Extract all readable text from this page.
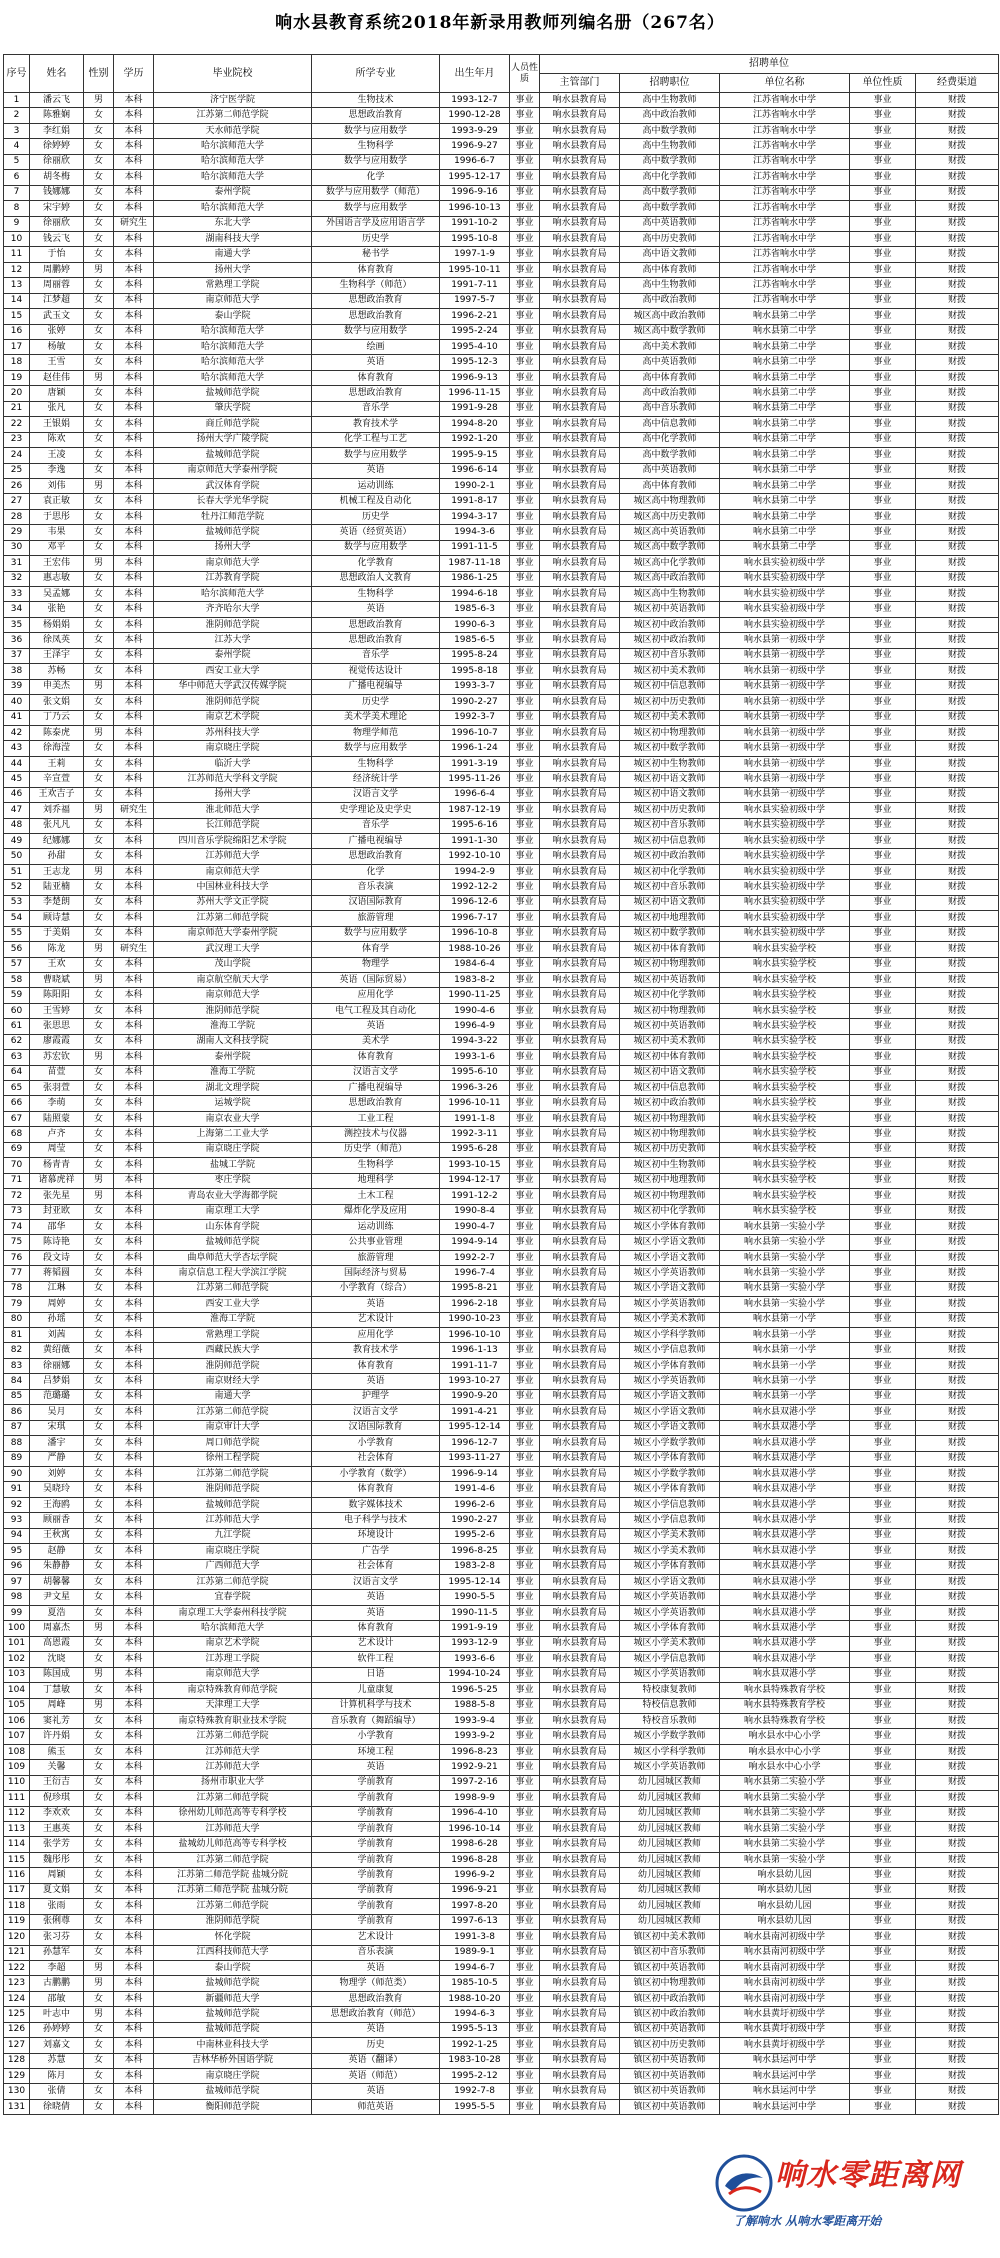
响水县教育系统2018年新录用教师列编名册（267名）
序号	姓名	性别	学历	毕业院校	所学专业	出生年月	人员性质	招聘单位				
								主管部门	招聘职位	单位名称	单位性质	经费渠道
1	潘云飞	男	本科	济宁医学院	生物技术	1993-12-7	事业	响水县教育局	高中生物教师	江苏省响水中学	事业	财拨
2	陈雅娴	女	本科	江苏第二师范学院	思想政治教育	1990-12-28	事业	响水县教育局	高中政治教师	江苏省响水中学	事业	财拨
3	李红娟	女	本科	天水师范学院	数学与应用数学	1993-9-29	事业	响水县教育局	高中数学教师	江苏省响水中学	事业	财拨
4	徐婷婷	女	本科	哈尔滨师范大学	生物科学	1996-9-27	事业	响水县教育局	高中生物教师	江苏省响水中学	事业	财拨
5	徐丽欣	女	本科	哈尔滨师范大学	数学与应用数学	1996-6-7	事业	响水县教育局	高中数学教师	江苏省响水中学	事业	财拨
6	胡冬梅	女	本科	哈尔滨师范大学	化学	1995-12-17	事业	响水县教育局	高中化学教师	江苏省响水中学	事业	财拨
7	钱娜娜	女	本科	泰州学院	数学与应用数学（师范）	1996-9-16	事业	响水县教育局	高中数学教师	江苏省响水中学	事业	财拨
8	宋宇婷	女	本科	哈尔滨师范大学	数学与应用数学	1996-10-13	事业	响水县教育局	高中数学教师	江苏省响水中学	事业	财拨
9	徐丽欣	女	研究生	东北大学	外国语言学及应用语言学	1991-10-2	事业	响水县教育局	高中英语教师	江苏省响水中学	事业	财拨
10	钱云飞	女	本科	湖南科技大学	历史学	1995-10-8	事业	响水县教育局	高中历史教师	江苏省响水中学	事业	财拨
11	于怡	女	本科	南通大学	秘书学	1997-1-9	事业	响水县教育局	高中语文教师	江苏省响水中学	事业	财拨
12	周鹏婷	男	本科	扬州大学	体育教育	1995-10-11	事业	响水县教育局	高中体育教师	江苏省响水中学	事业	财拨
13	周丽蓉	女	本科	常熟理工学院	生物科学（师范）	1991-7-11	事业	响水县教育局	高中生物教师	江苏省响水中学	事业	财拨
14	江梦超	女	本科	南京师范大学	思想政治教育	1997-5-7	事业	响水县教育局	高中政治教师	江苏省响水中学	事业	财拨
15	武玉文	女	本科	泰山学院	思想政治教育	1996-2-21	事业	响水县教育局	城区高中政治教师	响水县第二中学	事业	财拨
16	张婷	女	本科	哈尔滨师范大学	数学与应用数学	1995-2-24	事业	响水县教育局	城区高中数学教师	响水县第二中学	事业	财拨
17	杨敏	女	本科	哈尔滨师范大学	绘画	1995-4-10	事业	响水县教育局	高中美术教师	响水县第二中学	事业	财拨
18	王雪	女	本科	哈尔滨师范大学	英语	1995-12-3	事业	响水县教育局	高中英语教师	响水县第二中学	事业	财拨
19	赵佳伟	男	本科	哈尔滨师范大学	体育教育	1996-9-13	事业	响水县教育局	高中体育教师	响水县第二中学	事业	财拨
20	唐颖	女	本科	盐城师范学院	思想政治教育	1996-11-15	事业	响水县教育局	高中政治教师	响水县第二中学	事业	财拨
21	张凡	女	本科	肇庆学院	音乐学	1991-9-28	事业	响水县教育局	高中音乐教师	响水县第二中学	事业	财拨
22	王银娟	女	本科	商丘师范学院	教育技术学	1994-8-20	事业	响水县教育局	高中信息教师	响水县第二中学	事业	财拨
23	陈欢	女	本科	扬州大学广陵学院	化学工程与工艺	1992-1-20	事业	响水县教育局	高中化学教师	响水县第二中学	事业	财拨
24	王凌	女	本科	盐城师范学院	数学与应用数学	1995-9-15	事业	响水县教育局	高中数学教师	响水县第二中学	事业	财拨
25	李逸	女	本科	南京师范大学泰州学院	英语	1996-6-14	事业	响水县教育局	高中英语教师	响水县第二中学	事业	财拨
26	刘伟	男	本科	武汉体育学院	运动训练	1990-2-1	事业	响水县教育局	高中体育教师	响水县第二中学	事业	财拨
27	袁正敏	女	本科	长春大学光华学院	机械工程及自动化	1991-8-17	事业	响水县教育局	城区高中物理教师	响水县第二中学	事业	财拨
28	于思彤	女	本科	牡丹江师范学院	历史学	1994-3-17	事业	响水县教育局	城区高中历史教师	响水县第二中学	事业	财拨
29	韦果	女	本科	盐城师范学院	英语（经贸英语）	1994-3-6	事业	响水县教育局	城区高中英语教师	响水县第二中学	事业	财拨
30	邓平	女	本科	扬州大学	数学与应用数学	1991-11-5	事业	响水县教育局	城区高中数学教师	响水县第二中学	事业	财拨
31	王宏伟	男	本科	南京师范大学	化学教育	1987-11-18	事业	响水县教育局	城区高中化学教师	响水县实验初级中学	事业	财拨
32	惠志敏	女	本科	江苏教育学院	思想政治人文教育	1986-1-25	事业	响水县教育局	城区高中政治教师	响水县实验初级中学	事业	财拨
33	吴孟娜	女	本科	哈尔滨师范大学	生物科学	1994-6-18	事业	响水县教育局	城区高中生物教师	响水县实验初级中学	事业	财拨
34	张艳	女	本科	齐齐哈尔大学	英语	1985-6-3	事业	响水县教育局	城区初中英语教师	响水县实验初级中学	事业	财拨
35	杨娟娟	女	本科	淮阴师范学院	思想政治教育	1990-6-3	事业	响水县教育局	城区初中政治教师	响水县实验初级中学	事业	财拨
36	徐凤英	女	本科	江苏大学	思想政治教育	1985-6-5	事业	响水县教育局	城区初中政治教师	响水县第一初级中学	事业	财拨
37	王泽宇	女	本科	泰州学院	音乐学	1995-8-24	事业	响水县教育局	城区初中音乐教师	响水县第一初级中学	事业	财拨
38	苏畅	女	本科	西安工业大学	视觉传达设计	1995-8-18	事业	响水县教育局	城区初中美术教师	响水县第一初级中学	事业	财拨
39	申美杰	男	本科	华中师范大学武汉传媒学院	广播电视编导	1993-3-7	事业	响水县教育局	城区初中信息教师	响水县第一初级中学	事业	财拨
40	张文娟	女	本科	淮阴师范学院	历史学	1990-2-27	事业	响水县教育局	城区初中历史教师	响水县第一初级中学	事业	财拨
41	丁乃云	女	本科	南京艺术学院	美术学美术理论	1992-3-7	事业	响水县教育局	城区初中美术教师	响水县第一初级中学	事业	财拨
42	陈泰虎	男	本科	苏州科技大学	物理学师范	1996-10-7	事业	响水县教育局	城区初中物理教师	响水县第一初级中学	事业	财拨
43	徐海滢	女	本科	南京晓庄学院	数学与应用数学	1996-1-24	事业	响水县教育局	城区初中数学教师	响水县第一初级中学	事业	财拨
44	王莉	女	本科	临沂大学	生物科学	1991-3-19	事业	响水县教育局	城区初中生物教师	响水县第一初级中学	事业	财拨
45	辛宣萱	女	本科	江苏师范大学科文学院	经济统计学	1995-11-26	事业	响水县教育局	城区初中语文教师	响水县第一初级中学	事业	财拨
46	王欢吉子	女	本科	扬州大学	汉语言文学	1996-6-4	事业	响水县教育局	城区初中语文教师	响水县第一初级中学	事业	财拨
47	刘乔福	男	研究生	淮北师范大学	史学理论及史学史	1987-12-19	事业	响水县教育局	城区初中历史教师	响水县实验初级中学	事业	财拨
48	张凡凡	女	本科	长江师范学院	音乐学	1995-6-16	事业	响水县教育局	城区初中音乐教师	响水县实验初级中学	事业	财拨
49	纪娜娜	女	本科	四川音乐学院绵阳艺术学院	广播电视编导	1991-1-30	事业	响水县教育局	城区初中信息教师	响水县实验初级中学	事业	财拨
50	孙甜	女	本科	江苏师范大学	思想政治教育	1992-10-10	事业	响水县教育局	城区初中政治教师	响水县实验初级中学	事业	财拨
51	王志龙	男	本科	南京师范大学	化学	1994-2-9	事业	响水县教育局	城区初中化学教师	响水县实验初级中学	事业	财拨
52	陆亚楠	女	本科	中国林业科技大学	音乐表演	1992-12-2	事业	响水县教育局	城区初中音乐教师	响水县实验初级中学	事业	财拨
53	李楚朗	女	本科	苏州大学文正学院	汉语国际教育	1996-12-6	事业	响水县教育局	城区初中语文教师	响水县实验初级中学	事业	财拨
54	顾诗慧	女	本科	江苏第二师范学院	旅游管理	1996-7-17	事业	响水县教育局	城区初中地理教师	响水县实验初级中学	事业	财拨
55	于美娟	女	本科	南京师范大学泰州学院	数学与应用数学	1996-10-8	事业	响水县教育局	城区初中数学教师	响水县实验初级中学	事业	财拨
56	陈龙	男	研究生	武汉理工大学	体育学	1988-10-26	事业	响水县教育局	城区初中体育教师	响水县实验学校	事业	财拨
57	王欢	女	本科	茂山学院	物理学	1984-6-4	事业	响水县教育局	城区初中物理教师	响水县实验学校	事业	财拨
58	曹晓斌	男	本科	南京航空航天大学	英语（国际贸易）	1983-8-2	事业	响水县教育局	城区初中英语教师	响水县实验学校	事业	财拨
59	陈阳阳	女	本科	南京师范大学	应用化学	1990-11-25	事业	响水县教育局	城区初中化学教师	响水县实验学校	事业	财拨
60	王雪婷	女	本科	淮阴师范学院	电气工程及其自动化	1990-4-6	事业	响水县教育局	城区初中物理教师	响水县实验学校	事业	财拨
61	张思思	女	本科	淮海工学院	英语	1996-4-9	事业	响水县教育局	城区初中英语教师	响水县实验学校	事业	财拨
62	廖霞霞	女	本科	湖南人文科技学院	美术学	1994-3-22	事业	响水县教育局	城区初中美术教师	响水县实验学校	事业	财拨
63	苏宏钦	男	本科	泰州学院	体育教育	1993-1-6	事业	响水县教育局	城区初中体育教师	响水县实验学校	事业	财拨
64	苗萱	女	本科	淮海工学院	汉语言文学	1995-6-10	事业	响水县教育局	城区初中语文教师	响水县实验学校	事业	财拨
65	张羽萱	女	本科	湖北文理学院	广播电视编导	1996-3-26	事业	响水县教育局	城区初中信息教师	响水县实验学校	事业	财拨
66	李萌	女	本科	运城学院	思想政治教育	1996-10-11	事业	响水县教育局	城区初中政治教师	响水县实验学校	事业	财拨
67	陆照蒙	女	本科	南京农业大学	工业工程	1991-1-8	事业	响水县教育局	城区初中物理教师	响水县实验学校	事业	财拨
68	卢齐	女	本科	上海第二工业大学	测控技术与仪器	1992-3-11	事业	响水县教育局	城区初中物理教师	响水县实验学校	事业	财拨
69	周莹	女	本科	南京晓庄学院	历史学（师范）	1995-6-28	事业	响水县教育局	城区初中历史教师	响水县实验学校	事业	财拨
70	杨青青	女	本科	盐城工学院	生物科学	1993-10-15	事业	响水县教育局	城区初中生物教师	响水县实验学校	事业	财拨
71	诸慕虎祥	男	本科	枣庄学院	地理科学	1994-12-17	事业	响水县教育局	城区初中地理教师	响水县实验学校	事业	财拨
72	张先星	男	本科	青岛农业大学海都学院	土木工程	1991-12-2	事业	响水县教育局	城区初中物理教师	响水县实验学校	事业	财拨
73	封亚欧	女	本科	南京理工大学	爆炸化学及应用	1990-8-4	事业	响水县教育局	城区初中化学教师	响水县实验学校	事业	财拨
74	邵华	女	本科	山东体育学院	运动训练	1990-4-7	事业	响水县教育局	城区小学体育教师	响水县第一实验小学	事业	财拨
75	陈诗艳	女	本科	盐城师范学院	公共事业管理	1994-9-14	事业	响水县教育局	城区小学语文教师	响水县第一实验小学	事业	财拨
76	段文诗	女	本科	曲阜师范大学杏坛学院	旅游管理	1992-2-7	事业	响水县教育局	城区小学语文教师	响水县第一实验小学	事业	财拨
77	蒋韬圆	女	本科	南京信息工程大学滨江学院	国际经济与贸易	1996-7-4	事业	响水县教育局	城区小学英语教师	响水县第一实验小学	事业	财拨
78	江琳	女	本科	江苏第二师范学院	小学教育（综合）	1995-8-21	事业	响水县教育局	城区小学语文教师	响水县第一实验小学	事业	财拨
79	周婷	女	本科	西安工业大学	英语	1996-2-18	事业	响水县教育局	城区小学英语教师	响水县第一实验小学	事业	财拨
80	孙瑶	女	本科	淮海工学院	艺术设计	1990-10-23	事业	响水县教育局	城区小学美术教师	响水县第一小学	事业	财拨
81	刘茜	女	本科	常熟理工学院	应用化学	1996-10-10	事业	响水县教育局	城区小学科学教师	响水县第一小学	事业	财拨
82	黄绍薇	女	本科	西藏民族大学	教育技术学	1996-1-13	事业	响水县教育局	城区小学信息教师	响水县第一小学	事业	财拨
83	徐丽娜	女	本科	淮阴师范学院	体育教育	1991-11-7	事业	响水县教育局	城区小学体育教师	响水县第一小学	事业	财拨
84	吕梦娟	女	本科	南京财经大学	英语	1993-10-27	事业	响水县教育局	城区小学英语教师	响水县第一小学	事业	财拨
85	范璐璐	女	本科	南通大学	护理学	1990-9-20	事业	响水县教育局	城区小学语文教师	响水县第一小学	事业	财拨
86	吴月	女	本科	江苏第二师范学院	汉语言文学	1991-4-21	事业	响水县教育局	城区小学语文教师	响水县双港小学	事业	财拨
87	宋琪	女	本科	南京审计大学	汉语国际教育	1995-12-14	事业	响水县教育局	城区小学语文教师	响水县双港小学	事业	财拨
88	潘宇	女	本科	周口师范学院	小学教育	1996-12-7	事业	响水县教育局	城区小学数学教师	响水县双港小学	事业	财拨
89	严静	女	本科	徐州工程学院	社会体育	1993-11-27	事业	响水县教育局	城区小学体育教师	响水县双港小学	事业	财拨
90	刘婷	女	本科	江苏第二师范学院	小学教育（数学）	1996-9-14	事业	响水县教育局	城区小学数学教师	响水县双港小学	事业	财拨
91	吴晓玲	女	本科	淮阴师范学院	体育教育	1991-4-6	事业	响水县教育局	城区小学体育教师	响水县双港小学	事业	财拨
92	王海鸥	女	本科	盐城师范学院	数字媒体技术	1996-2-6	事业	响水县教育局	城区小学信息教师	响水县双港小学	事业	财拨
93	顾丽香	女	本科	江苏师范大学	电子科学与技术	1990-2-27	事业	响水县教育局	城区小学信息教师	响水县双港小学	事业	财拨
94	王秋寓	女	本科	九江学院	环境设计	1995-2-6	事业	响水县教育局	城区小学美术教师	响水县双港小学	事业	财拨
95	赵静	女	本科	南京晓庄学院	广告学	1996-8-25	事业	响水县教育局	城区小学美术教师	响水县双港小学	事业	财拨
96	朱静静	女	本科	广西师范大学	社会体育	1983-2-8	事业	响水县教育局	城区小学体育教师	响水县双港小学	事业	财拨
97	胡馨馨	女	本科	江苏第二师范学院	汉语言文学	1995-12-14	事业	响水县教育局	城区小学语文教师	响水县双港小学	事业	财拨
98	尹文星	女	本科	宜春学院	英语	1990-5-5	事业	响水县教育局	城区小学英语教师	响水县双港小学	事业	财拨
99	夏浩	女	本科	南京理工大学泰州科技学院	英语	1990-11-5	事业	响水县教育局	城区小学英语教师	响水县双港小学	事业	财拨
100	周嘉杰	男	本科	哈尔滨师范大学	体育教育	1991-9-19	事业	响水县教育局	城区小学体育教师	响水县双港小学	事业	财拨
101	高恩霞	女	本科	南京艺术学院	艺术设计	1993-12-9	事业	响水县教育局	城区小学美术教师	响水县双港小学	事业	财拨
102	沈晓	女	本科	江苏理工学院	软件工程	1993-6-6	事业	响水县教育局	城区小学信息教师	响水县双港小学	事业	财拨
103	陈国成	男	本科	南京师范大学	日语	1994-10-24	事业	响水县教育局	城区小学英语教师	响水县双港小学	事业	财拨
104	丁慧敏	女	本科	南京特殊教育师范学院	儿童康复	1996-5-25	事业	响水县教育局	特校康复教师	响水县特殊教育学校	事业	财拨
105	周峰	男	本科	天津理工大学	计算机科学与技术	1988-5-8	事业	响水县教育局	特校信息教师	响水县特殊教育学校	事业	财拨
106	窦礼芳	女	本科	南京特殊教育职业技术学院	音乐教育（舞蹈编导）	1993-9-4	事业	响水县教育局	特校音乐教师	响水县特殊教育学校	事业	财拨
107	许丹娟	女	本科	江苏第二师范学院	小学教育	1993-9-2	事业	响水县教育局	城区小学数学教师	响水县水中心小学	事业	财拨
108	熊玉	女	本科	江苏师范大学	环境工程	1996-8-23	事业	响水县教育局	城区小学科学教师	响水县水中心小学	事业	财拨
109	关馨	女	本科	江苏师范大学	英语	1992-9-21	事业	响水县教育局	城区小学英语教师	响水县水中心小学	事业	财拨
110	王衍吉	女	本科	扬州市职业大学	学前教育	1997-2-16	事业	响水县教育局	幼儿园城区教师	响水县第二实验小学	事业	财拨
111	倪珍琪	女	本科	江苏第二师范学院	学前教育	1998-9-9	事业	响水县教育局	幼儿园城区教师	响水县第二实验小学	事业	财拨
112	李欢欢	女	本科	徐州幼儿师范高等专科学校	学前教育	1996-4-10	事业	响水县教育局	幼儿园城区教师	响水县第二实验小学	事业	财拨
113	王惠英	女	本科	江苏师范大学	学前教育	1996-10-14	事业	响水县教育局	幼儿园城区教师	响水县第二实验小学	事业	财拨
114	张学芳	女	本科	盐城幼儿师范高等专科学校	学前教育	1998-6-28	事业	响水县教育局	幼儿园城区教师	响水县第二实验小学	事业	财拨
115	魏彤彤	女	本科	江苏第二师范学院	学前教育	1996-8-28	事业	响水县教育局	幼儿园城区教师	响水县第一实验小学	事业	财拨
116	周颖	女	本科	江苏第二师范学院 盐城分院	学前教育	1996-9-2	事业	响水县教育局	幼儿园城区教师	响水县幼儿园	事业	财拨
117	夏文娟	女	本科	江苏第二师范学院 盐城分院	学前教育	1996-9-21	事业	响水县教育局	幼儿园城区教师	响水县幼儿园	事业	财拨
118	张雨	女	本科	江苏第二师范学院	学前教育	1997-8-20	事业	响水县教育局	幼儿园城区教师	响水县幼儿园	事业	财拨
119	张俐尊	女	本科	淮阴师范学院	学前教育	1997-6-13	事业	响水县教育局	幼儿园城区教师	响水县幼儿园	事业	财拨
120	张习芬	女	本科	怀化学院	艺术设计	1991-3-8	事业	响水县教育局	镇区初中美术教师	响水县南河初级中学	事业	财拨
121	孙慧军	女	本科	江西科技师范大学	音乐表演	1989-9-1	事业	响水县教育局	镇区初中音乐教师	响水县南河初级中学	事业	财拨
122	李超	男	本科	泰山学院	英语	1994-6-7	事业	响水县教育局	镇区初中英语教师	响水县南河初级中学	事业	财拨
123	古鹏鹏	男	本科	盐城师范学院	物理学（师范类）	1985-10-5	事业	响水县教育局	镇区初中物理教师	响水县南河初级中学	事业	财拨
124	邵敏	女	本科	新疆师范大学	思想政治教育	1988-10-20	事业	响水县教育局	镇区初中政治教师	响水县南河初级中学	事业	财拨
125	叶志中	男	本科	盐城师范学院	思想政治教育（师范）	1994-6-3	事业	响水县教育局	镇区初中政治教师	响水县黄圩初级中学	事业	财拨
126	孙婷婷	女	本科	盐城师范学院	英语	1995-5-13	事业	响水县教育局	镇区初中英语教师	响水县黄圩初级中学	事业	财拨
127	刘嘉文	女	本科	中南林业科技大学	历史	1992-1-25	事业	响水县教育局	镇区初中历史教师	响水县黄圩初级中学	事业	财拨
128	苏慧	女	本科	吉林华桥外国语学院	英语（翻译）	1983-10-28	事业	响水县教育局	镇区初中英语教师	响水县运河中学	事业	财拨
129	陈月	女	本科	南京晓庄学院	英语（师范）	1995-2-12	事业	响水县教育局	镇区初中英语教师	响水县运河中学	事业	财拨
130	张倩	女	本科	盐城师范学院	英语	1992-7-8	事业	响水县教育局	镇区初中英语教师	响水县运河中学	事业	财拨
131	徐晓倩	女	本科	衡阳师范学院	师范英语	1995-5-5	事业	响水县教育局	镇区初中英语教师	响水县运河中学	事业	财拨
响水零距离网
了解响水 从响水零距离开始
